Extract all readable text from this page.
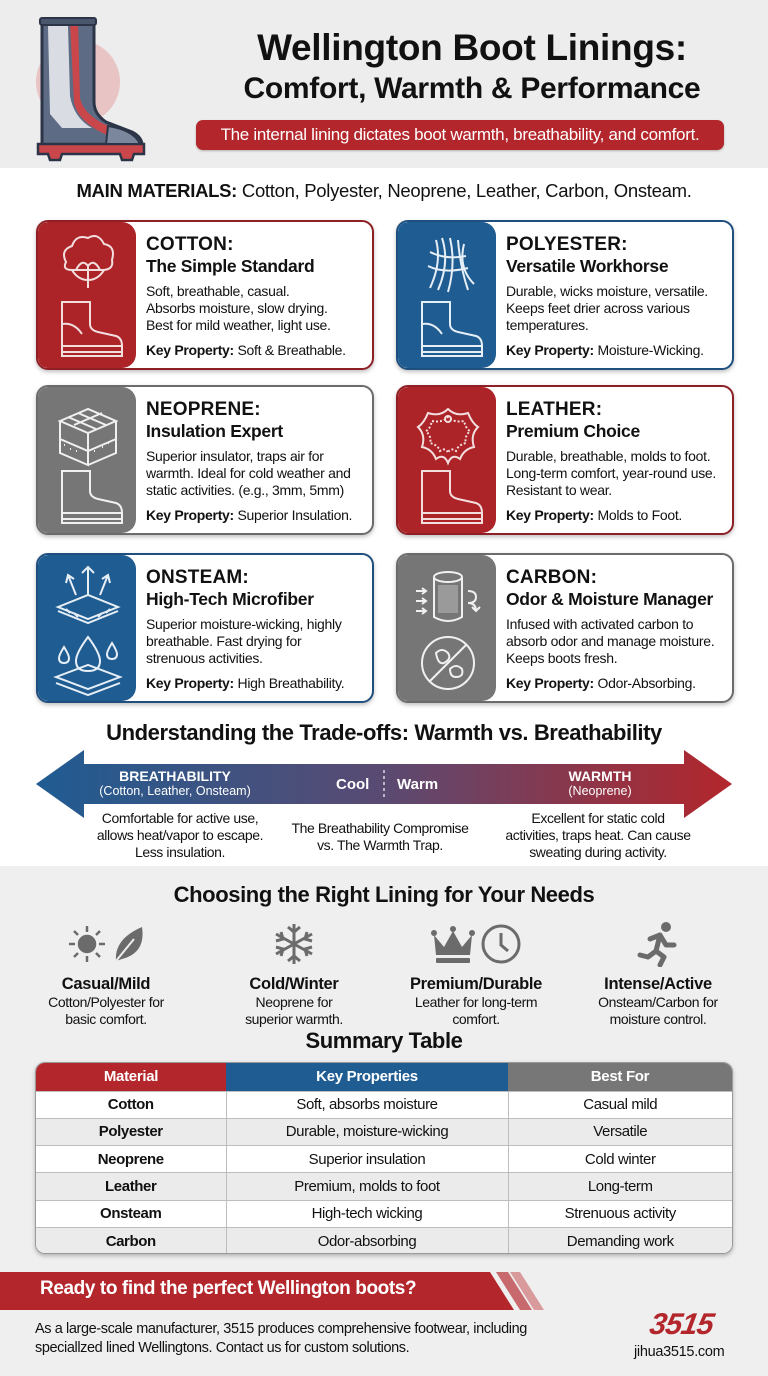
Wellington Boot Linings:
Comfort, Warmth & Performance
The internal lining dictates boot warmth, breathability, and comfort.
MAIN MATERIALS: Cotton, Polyester, Neoprene, Leather, Carbon, Onsteam.
COTTON:
The Simple Standard
Soft, breathable, casual.
Absorbs moisture, slow drying.
Best for mild weather, light use.
Key Property: Soft & Breathable.
POLYESTER:
Versatile Workhorse
Durable, wicks moisture, versatile.
Keeps feet drier across various
temperatures.
Key Property: Moisture-Wicking.
NEOPRENE:
Insulation Expert
Superior insulator, traps air for
warmth. Ideal for cold weather and
static activities. (e.g., 3mm, 5mm)
Key Property: Superior Insulation.
LEATHER:
Premium Choice
Durable, breathable, molds to foot.
Long-term comfort, year-round use.
Resistant to wear.
Key Property: Molds to Foot.
ONSTEAM:
High-Tech Microfiber
Superior moisture-wicking, highly
breathable. Fast drying for
strenuous activities.
Key Property: High Breathability.
CARBON:
Odor & Moisture Manager
Infused with activated carbon to
absorb odor and manage moisture.
Keeps boots fresh.
Key Property: Odor-Absorbing.
Understanding the Trade-offs: Warmth vs. Breathability
BREATHABILITY
(Cotton, Leather, Onsteam)	Cool Warm	WARMTH
(Neoprene)
Comfortable for active use,
allows heat/vapor to escape.
Less insulation.
The Breathability Compromise
vs. The Warmth Trap.
Excellent for static cold
activities, traps heat. Can cause
sweating during activity.
Choosing the Right Lining for Your Needs
Casual/Mild
Cotton/Polyester for
basic comfort.
Cold/Winter
Neoprene for
superior warmth.
Premium/Durable
Leather for long-term
comfort.
Intense/Active
Onsteam/Carbon for
moisture control.
Summary Table
Material	Key Properties	Best For
Cotton	Soft, absorbs moisture	Casual mild
Polyester	Durable, moisture-wicking	Versatile
Neoprene	Superior insulation	Cold winter
Leather	Premium, molds to foot	Long-term
Onsteam	High-tech wicking	Strenuous activity
Carbon	Odor-absorbing	Demanding work
Ready to find the perfect Wellington boots?
As a large-scale manufacturer, 3515 produces comprehensive footwear, including
speciallzed lined Wellingtons. Contact us for custom solutions.
3515
jihua3515.com
